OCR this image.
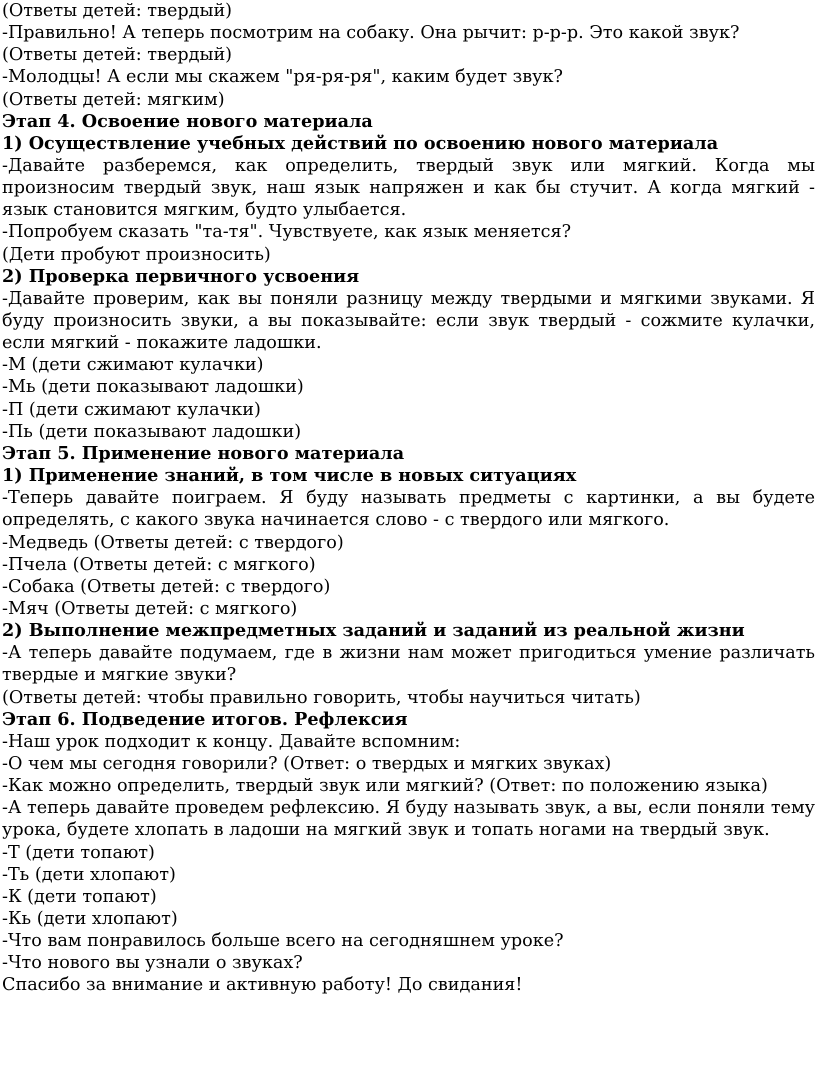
(Ответы детей: твердый)

-Правильно! А теперь посмотрим на собаку. Она рычит: р-р-р. Это какой звук?

(Ответы детей: твердый)

-Молодцы! А если мы скажем "ря-ря-ря", каким будет звук?

(Ответы детей: мягким)

Этап 4. Освоение нового материала

1) Осуществление учебных действий по освоению нового материала

-Давайте разберемся, как определить, твердый звук или мягкий. Когда мы произносим твердый звук, наш язык напряжен и как бы стучит. А когда мягкий - язык становится мягким, будто улыбается.

-Попробуем сказать "та-тя". Чувствуете, как язык меняется?

(Дети пробуют произносить)

2) Проверка первичного усвоения

-Давайте проверим, как вы поняли разницу между твердыми и мягкими звуками. Я буду произносить звуки, а вы показывайте: если звук твердый - сожмите кулачки, если мягкий - покажите ладошки.

-М (дети сжимают кулачки)

-Мь (дети показывают ладошки)

-П (дети сжимают кулачки)

-Пь (дети показывают ладошки)

Этап 5. Применение нового материала

1) Применение знаний, в том числе в новых ситуациях

-Теперь давайте поиграем. Я буду называть предметы с картинки, а вы будете определять, с какого звука начинается слово - с твердого или мягкого.

-Медведь (Ответы детей: с твердого)

-Пчела (Ответы детей: с мягкого)

-Собака (Ответы детей: с твердого)

-Мяч (Ответы детей: с мягкого)

2) Выполнение межпредметных заданий и заданий из реальной жизни

-А теперь давайте подумаем, где в жизни нам может пригодиться умение различать твердые и мягкие звуки?

(Ответы детей: чтобы правильно говорить, чтобы научиться читать)

Этап 6. Подведение итогов. Рефлексия

-Наш урок подходит к концу. Давайте вспомним:

-О чем мы сегодня говорили? (Ответ: о твердых и мягких звуках)

-Как можно определить, твердый звук или мягкий? (Ответ: по положению языка)

-А теперь давайте проведем рефлексию. Я буду называть звук, а вы, если поняли тему урока, будете хлопать в ладоши на мягкий звук и топать ногами на твердый звук.

-Т (дети топают)

-Ть (дети хлопают)

-К (дети топают)

-Кь (дети хлопают)

-Что вам понравилось больше всего на сегодняшнем уроке?

-Что нового вы узнали о звуках?

Спасибо за внимание и активную работу! До свидания!
